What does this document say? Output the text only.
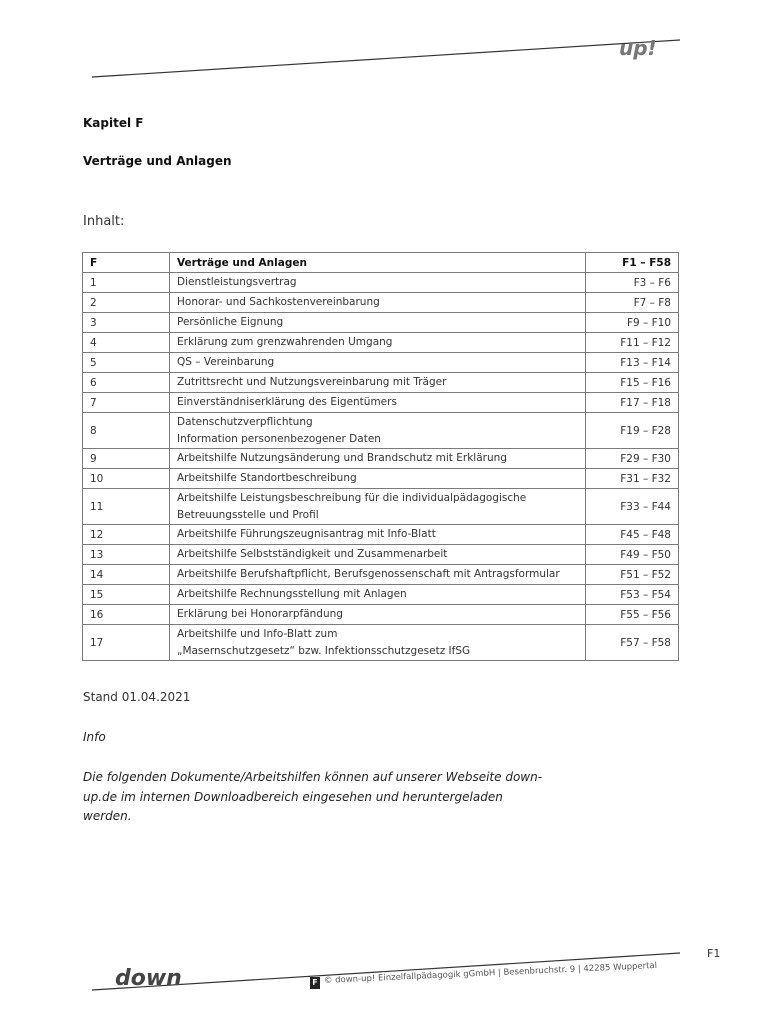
up!
Kapitel F
Verträge und Anlagen
Inhalt:
F	Verträge und Anlagen	F1 – F58
1	Dienstleistungsvertrag	F3 – F6
2	Honorar- und Sachkostenvereinbarung	F7 – F8
3	Persönliche Eignung	F9 – F10
4	Erklärung zum grenzwahrenden Umgang	F11 – F12
5	QS – Vereinbarung	F13 – F14
6	Zutrittsrecht und Nutzungsvereinbarung mit Träger	F15 – F16
7	Einverständniserklärung des Eigentümers	F17 – F18
8	Datenschutzverpflichtung
Information personenbezogener Daten	F19 – F28
9	Arbeitshilfe Nutzungsänderung und Brandschutz mit Erklärung	F29 – F30
10	Arbeitshilfe Standortbeschreibung	F31 – F32
11	Arbeitshilfe Leistungsbeschreibung für die individualpädagogische
Betreuungsstelle und Profil	F33 – F44
12	Arbeitshilfe Führungszeugnisantrag mit Info-Blatt	F45 – F48
13	Arbeitshilfe Selbstständigkeit und Zusammenarbeit	F49 – F50
14	Arbeitshilfe Berufshaftpflicht, Berufsgenossenschaft mit Antragsformular	F51 – F52
15	Arbeitshilfe Rechnungsstellung mit Anlagen	F53 – F54
16	Erklärung bei Honorarpfändung	F55 – F56
17	Arbeitshilfe und Info-Blatt zum
„Masernschutzgesetz“ bzw. Infektionsschutzgesetz IfSG	F57 – F58
Stand 01.04.2021
Info
Die folgenden Dokumente/Arbeitshilfen können auf unserer Webseite down-up.de im internen Downloadbereich eingesehen und heruntergeladen werden.
F1
down	F © down-up! Einzelfallpädagogik gGmbH | Besenbruchstr. 9 | 42285 Wuppertal
